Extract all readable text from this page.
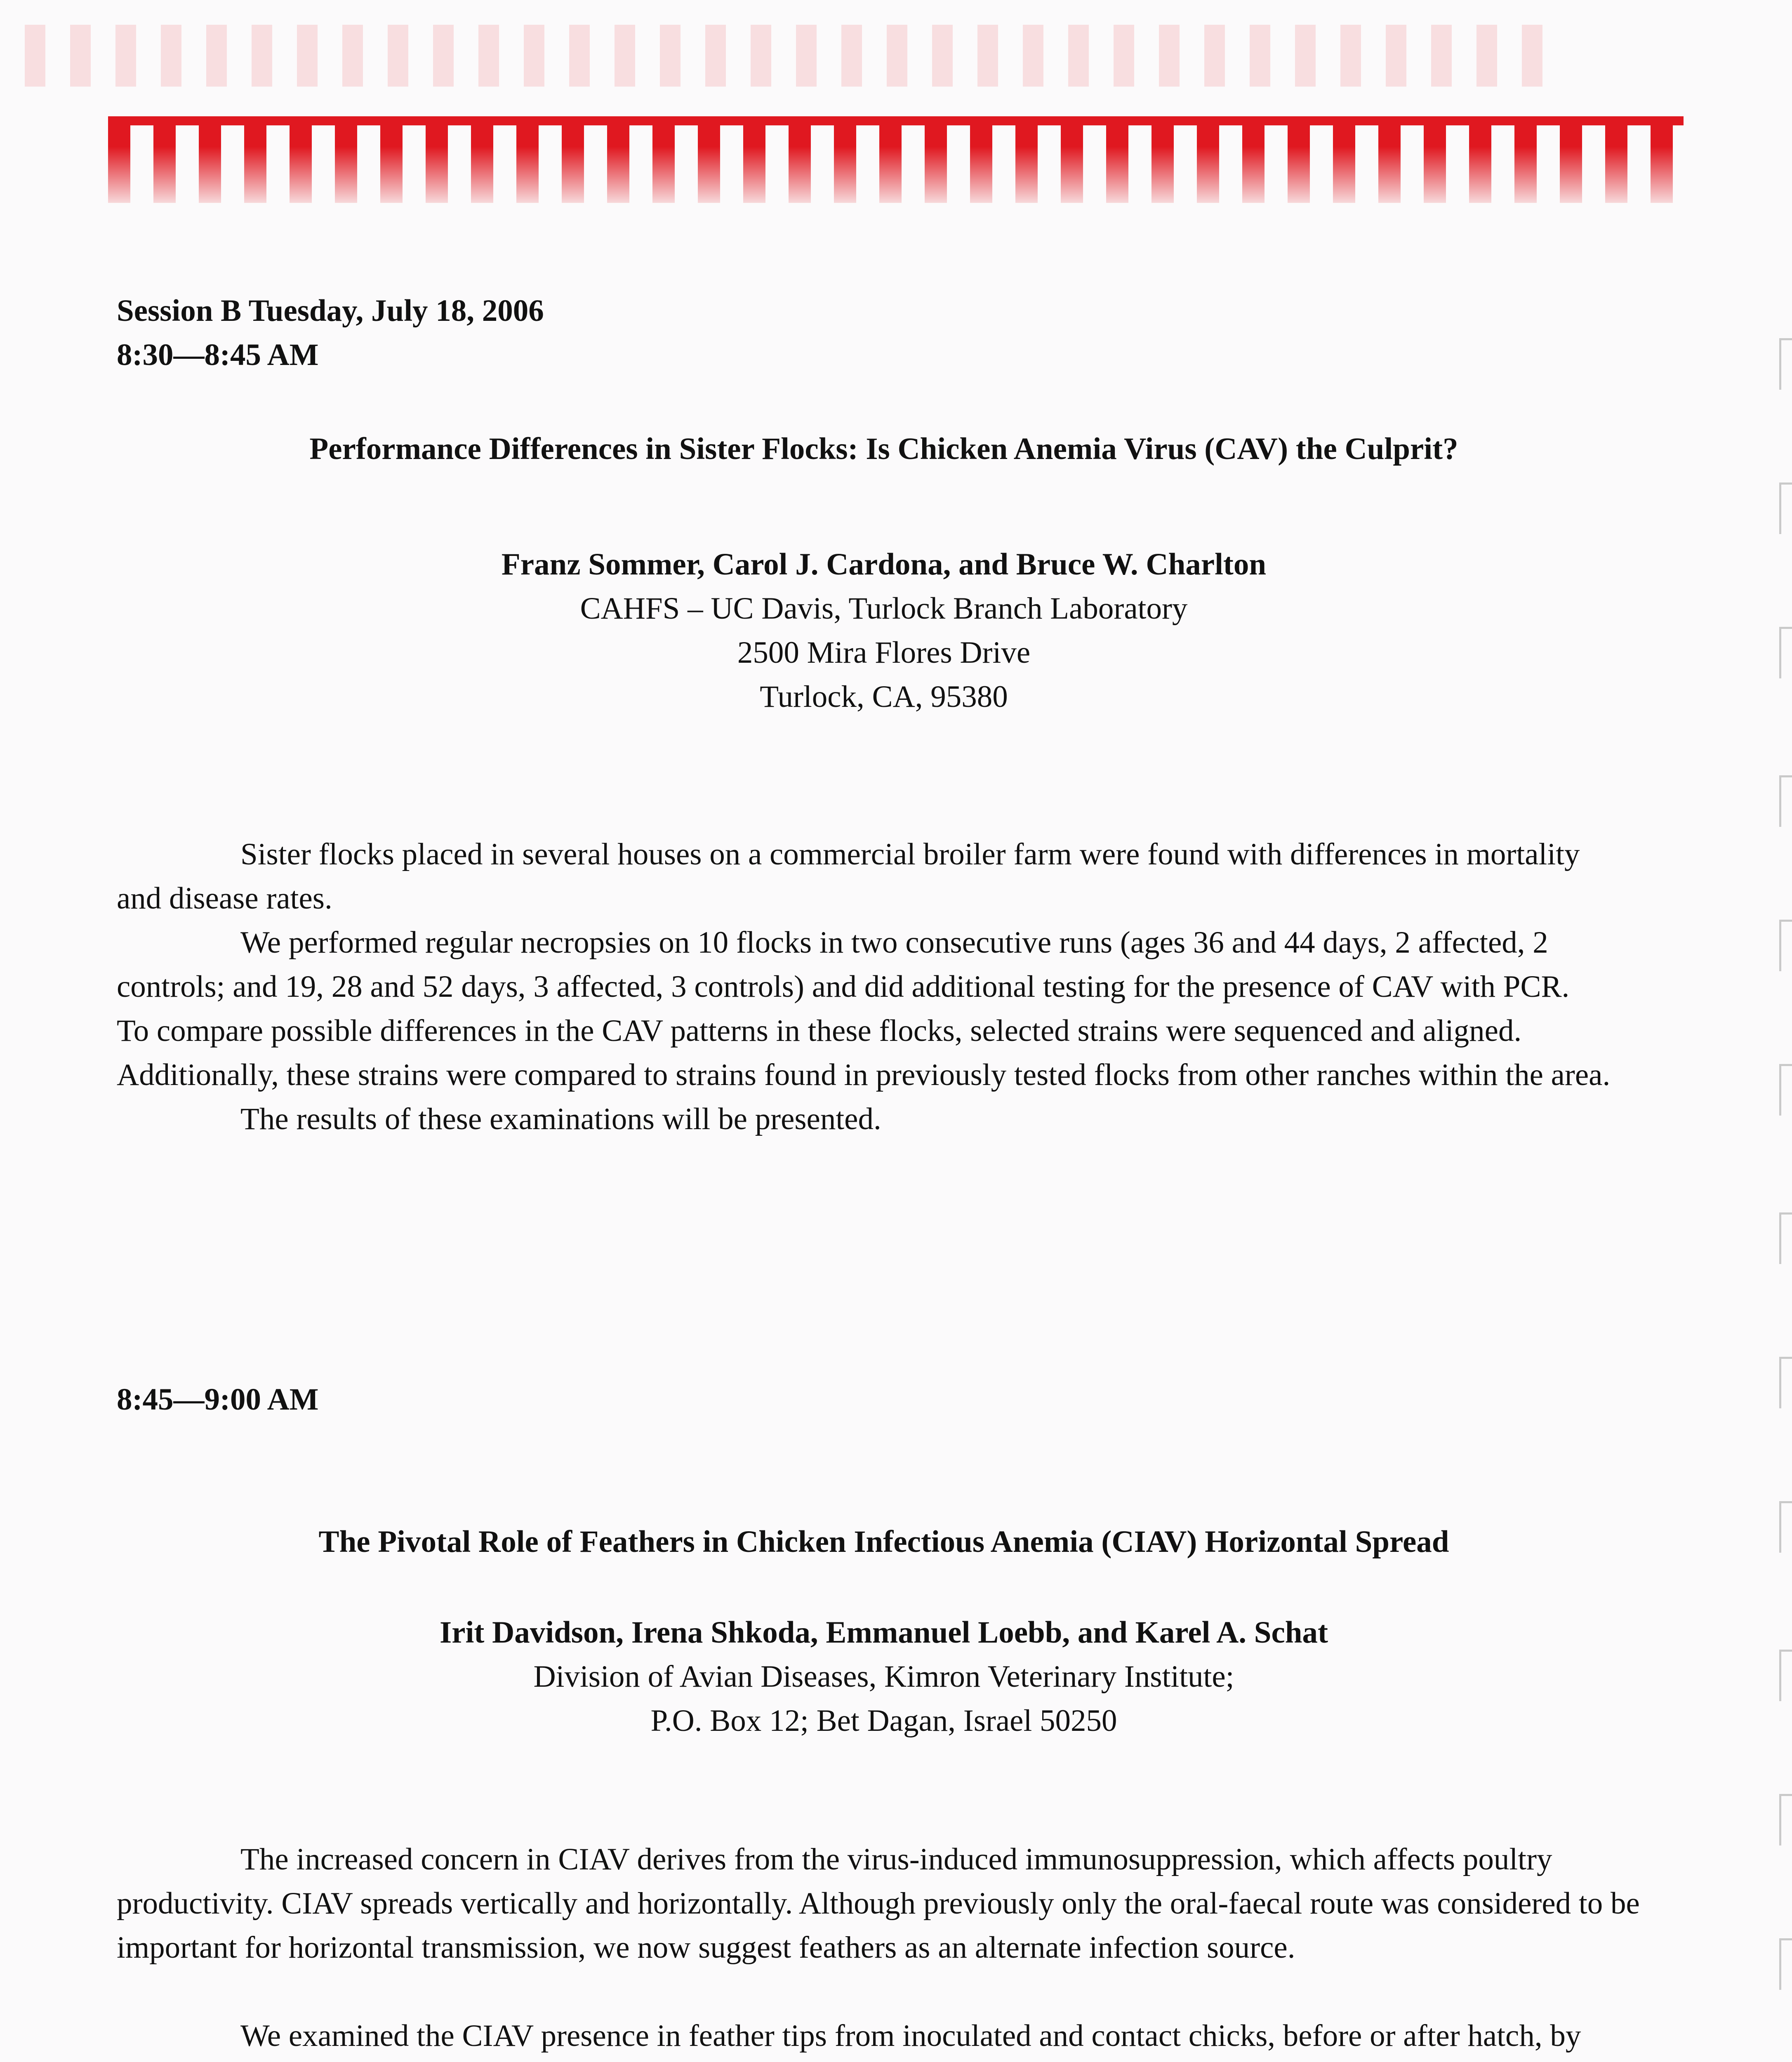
Session B Tuesday, July 18, 2006
8:30—8:45 AM
Performance Differences in Sister Flocks: Is Chicken Anemia Virus (CAV) the Culprit?
Franz Sommer, Carol J. Cardona, and Bruce W. Charlton
CAHFS – UC Davis, Turlock Branch Laboratory
2500 Mira Flores Drive
Turlock, CA, 95380

Sister flocks placed in several houses on a commercial broiler farm were found with differences in mortality and disease rates.

We performed regular necropsies on 10 flocks in two consecutive runs (ages 36 and 44 days, 2 affected, 2 controls; and 19, 28 and 52 days, 3 affected, 3 controls) and did additional testing for the presence of CAV with PCR.

To compare possible differences in the CAV patterns in these flocks, selected strains were sequenced and aligned. Additionally, these strains were compared to strains found in previously tested flocks from other ranches within the area.

The results of these examinations will be presented.

8:45—9:00 AM
The Pivotal Role of Feathers in Chicken Infectious Anemia (CIAV) Horizontal Spread
Irit Davidson, Irena Shkoda, Emmanuel Loebb, and Karel A. Schat
Division of Avian Diseases, Kimron Veterinary Institute;
P.O. Box 12; Bet Dagan, Israel 50250

The increased concern in CIAV derives from the virus-induced immunosuppression, which affects poultry productivity. CIAV spreads vertically and horizontally. Although previously only the oral-faecal route was considered to be important for horizontal transmission, we now suggest feathers as an alternate infection source.

We examined the CIAV presence in feather tips from inoculated and contact chicks, before or after hatch, by
